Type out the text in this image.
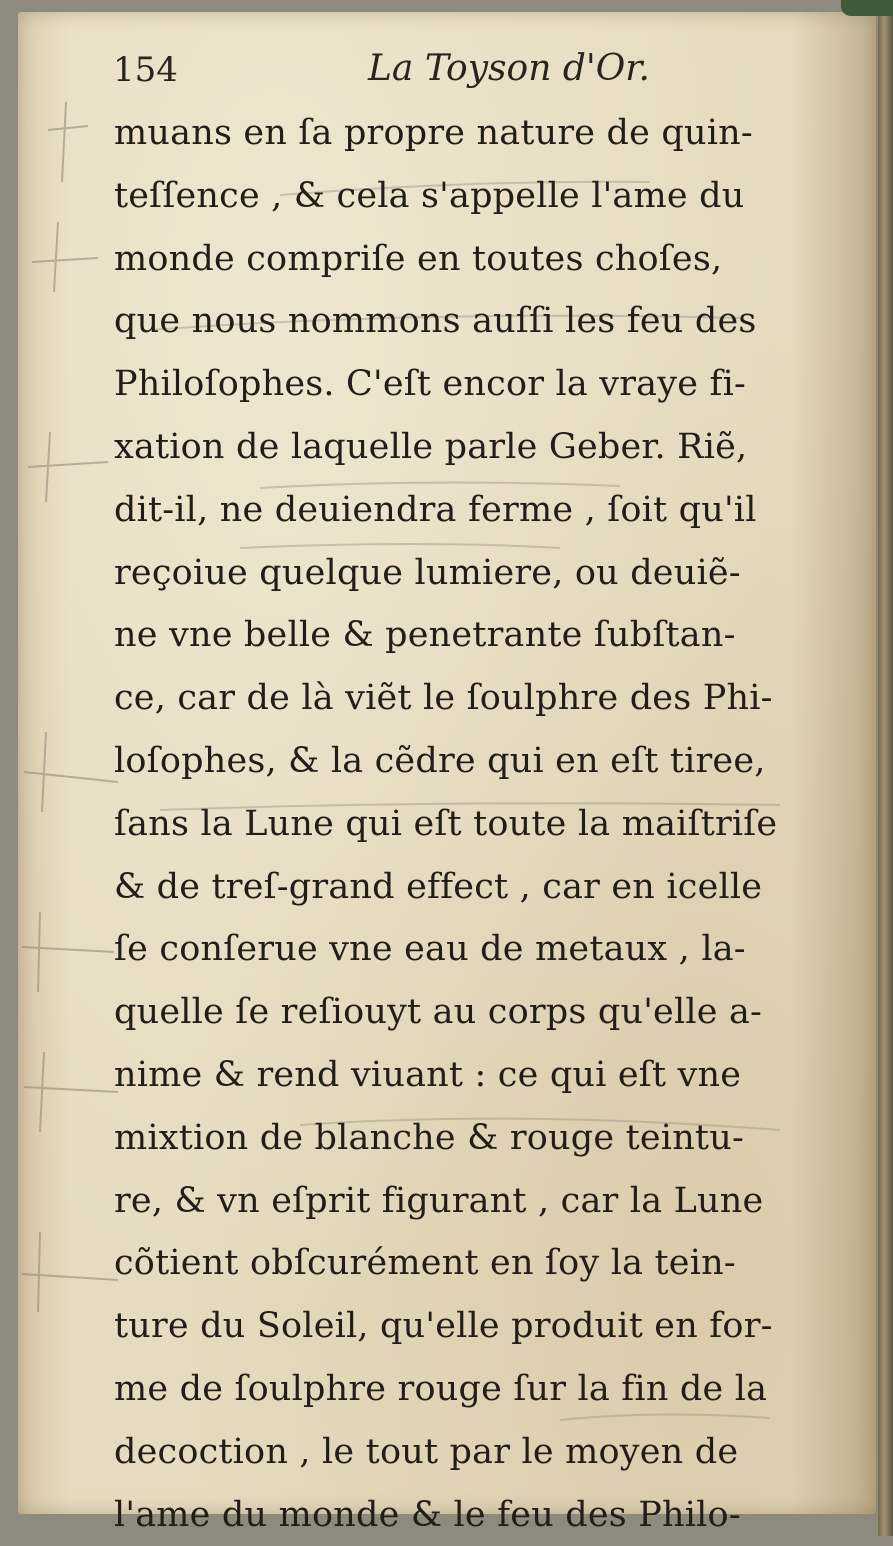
154	La Toyson d'Or.
muans en ſa propre nature de quin-
teſſence , & cela s'appelle l'ame du
monde compriſe en toutes choſes,
que nous nommons auſſi les feu des
Philoſophes. C'eſt encor la vraye fi-
xation de laquelle parle Geber. Riẽ,
dit-il, ne deuiendra ferme , ſoit qu'il
reçoiue quelque lumiere, ou deuiẽ-
ne vne belle & penetrante ſubſtan-
ce, car de là viẽt le ſoulphre des Phi-
loſophes, & la cẽdre qui en eſt tiree,
ſans la Lune qui eſt toute la maiſtriſe
& de treſ-grand effect , car en icelle
ſe conſerue vne eau de metaux , la-
quelle ſe reſiouyt au corps qu'elle a-
nime & rend viuant : ce qui eſt vne
mixtion de blanche & rouge teintu-
re, & vn eſprit figurant , car la Lune
cõtient obſcurément en ſoy la tein-
ture du Soleil, qu'elle produit en for-
me de ſoulphre rouge ſur la fin de la
decoction , le tout par le moyen de
l'ame du monde & le feu des Philo-
